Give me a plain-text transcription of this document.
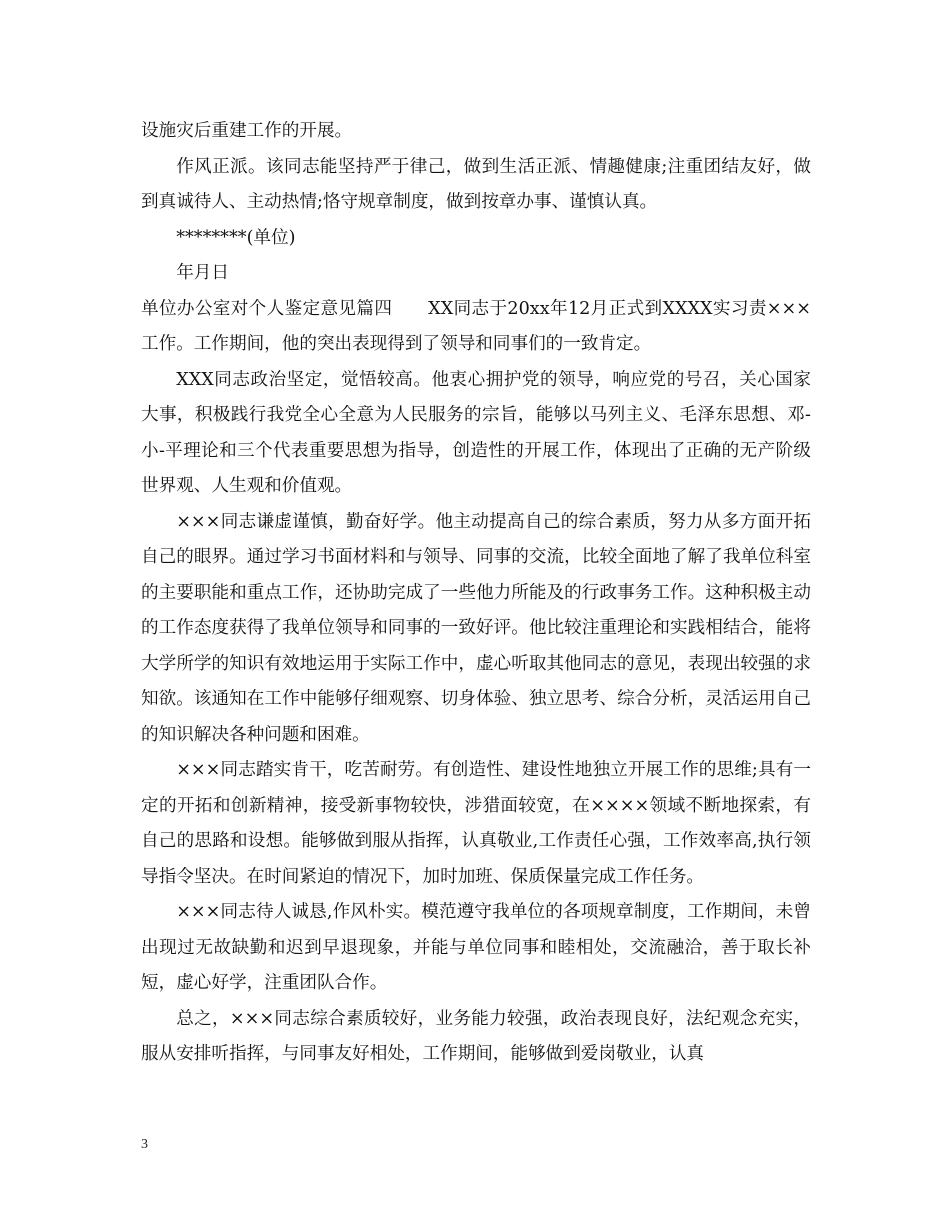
设施灾后重建工作的开展。

作风正派。该同志能坚持严于律己，做到生活正派、情趣健康;注重团结友好，做到真诚待人、主动热情;恪守规章制度，做到按章办事、谨慎认真。

********(单位)

年月日

单位办公室对个人鉴定意见篇四　　XX同志于20xx年12月正式到XXXX实习责×××工作。工作期间，他的突出表现得到了领导和同事们的一致肯定。

XXX同志政治坚定，觉悟较高。他衷心拥护党的领导，响应党的号召，关心国家大事，积极践行我党全心全意为人民服务的宗旨，能够以马列主义、毛泽东思想、邓-小-平理论和三个代表重要思想为指导，创造性的开展工作，体现出了正确的无产阶级世界观、人生观和价值观。

×××同志谦虚谨慎，勤奋好学。他主动提高自己的综合素质，努力从多方面开拓自己的眼界。通过学习书面材料和与领导、同事的交流，比较全面地了解了我单位科室的主要职能和重点工作，还协助完成了一些他力所能及的行政事务工作。这种积极主动的工作态度获得了我单位领导和同事的一致好评。他比较注重理论和实践相结合，能将大学所学的知识有效地运用于实际工作中，虚心听取其他同志的意见，表现出较强的求知欲。该通知在工作中能够仔细观察、切身体验、独立思考、综合分析，灵活运用自己的知识解决各种问题和困难。

×××同志踏实肯干，吃苦耐劳。有创造性、建设性地独立开展工作的思维;具有一定的开拓和创新精神，接受新事物较快，涉猎面较宽，在××××领域不断地探索，有自己的思路和设想。能够做到服从指挥，认真敬业,工作责任心强，工作效率高,执行领导指令坚决。在时间紧迫的情况下，加时加班、保质保量完成工作任务。

×××同志待人诚恳,作风朴实。模范遵守我单位的各项规章制度，工作期间，未曾出现过无故缺勤和迟到早退现象，并能与单位同事和睦相处，交流融洽，善于取长补短，虚心好学，注重团队合作。

总之，×××同志综合素质较好，业务能力较强，政治表现良好，法纪观念充实，服从安排听指挥，与同事友好相处，工作期间，能够做到爱岗敬业，认真

3
